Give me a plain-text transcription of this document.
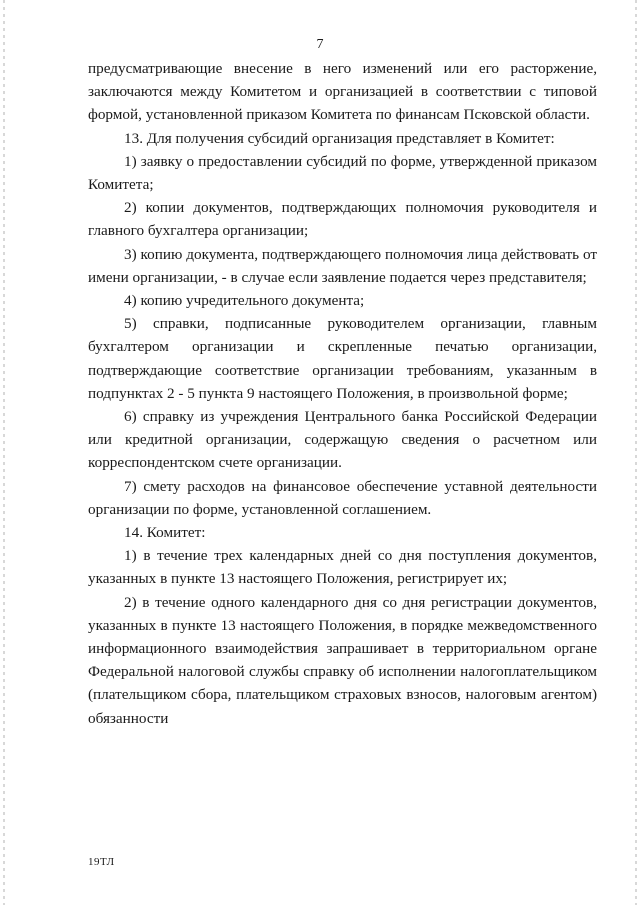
7

предусматривающие внесение в него изменений или его расторжение, заключаются между Комитетом и организацией в соответствии с типовой формой, установленной приказом Комитета по финансам Псковской области.

13. Для получения субсидий организация представляет в Комитет:

1) заявку о предоставлении субсидий по форме, утвержденной приказом Комитета;

2) копии документов, подтверждающих полномочия руководителя и главного бухгалтера организации;

3) копию документа, подтверждающего полномочия лица действовать от имени организации, - в случае если заявление подается через представителя;

4) копию учредительного документа;

5) справки, подписанные руководителем организации, главным бухгалтером организации и скрепленные печатью организации, подтверждающие соответствие организации требованиям, указанным в подпунктах 2 - 5 пункта 9 настоящего Положения, в произвольной форме;

6) справку из учреждения Центрального банка Российской Федерации или кредитной организации, содержащую сведения о расчетном или корреспондентском счете организации.

7) смету расходов на финансовое обеспечение уставной деятельности организации по форме, установленной соглашением.

14. Комитет:

1) в течение трех календарных дней со дня поступления документов, указанных в пункте 13 настоящего Положения, регистрирует их;

2) в течение одного календарного дня со дня регистрации документов, указанных в пункте 13 настоящего Положения, в порядке межведомственного информационного взаимодействия запрашивает в территориальном органе Федеральной налоговой службы справку об исполнении налогоплательщиком (плательщиком сбора, плательщиком страховых взносов, налоговым агентом) обязанности

19ТЛ
